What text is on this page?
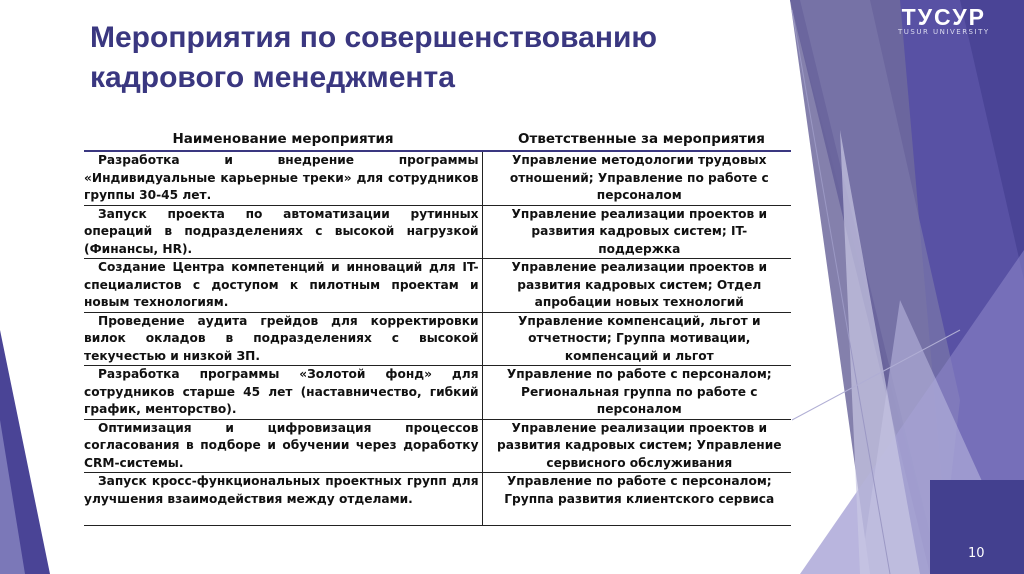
Мероприятия по совершенствованию
кадрового менеджмента
ТУСУР
TUSUR UNIVERSITY
Наименование мероприятия	Ответственные за мероприятия
Разработка и внедрение программы «Индивидуальные карьерные треки» для сотрудников группы 30-45 лет.	Управление методологии трудовых отношений; Управление по работе с персоналом
Запуск проекта по автоматизации рутинных операций в подразделениях с высокой нагрузкой (Финансы, HR).	Управление реализации проектов и развития кадровых систем; IT-поддержка
Создание Центра компетенций и инноваций для IT-специалистов с доступом к пилотным проектам и новым технологиям.	Управление реализации проектов и развития кадровых систем; Отдел апробации новых технологий
Проведение аудита грейдов для корректировки вилок окладов в подразделениях с высокой текучестью и низкой ЗП.	Управление компенсаций, льгот и отчетности; Группа мотивации, компенсаций и льгот
Разработка программы «Золотой фонд» для сотрудников старше 45 лет (наставничество, гибкий график, менторство).	Управление по работе с персоналом; Региональная группа по работе с персоналом
Оптимизация и цифровизация процессов согласования в подборе и обучении через доработку CRM-системы.	Управление реализации проектов и развития кадровых систем; Управление сервисного обслуживания
Запуск кросс-функциональных проектных групп для улучшения взаимодействия между отделами.	Управление по работе с персоналом; Группа развития клиентского сервиса
10
